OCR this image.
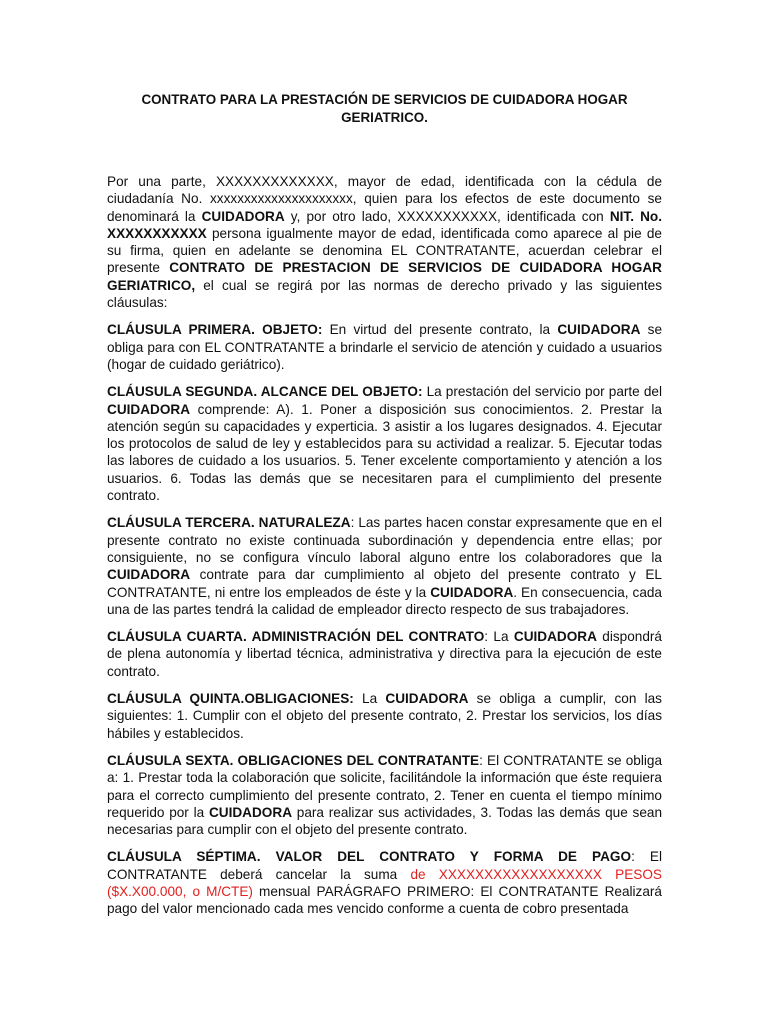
CONTRATO PARA LA PRESTACIÓN DE SERVICIOS DE CUIDADORA HOGAR GERIATRICO.

Por una parte, XXXXXXXXXXXXX, mayor de edad, identificada con la cédula de ciudadanía No. xxxxxxxxxxxxxxxxxxxxx, quien para los efectos de este documento se denominará la CUIDADORA y, por otro lado, XXXXXXXXXXX, identificada con NIT. No. XXXXXXXXXXX persona igualmente mayor de edad, identificada como aparece al pie de su firma, quien en adelante se denomina EL CONTRATANTE, acuerdan celebrar el presente CONTRATO DE PRESTACION DE SERVICIOS DE CUIDADORA HOGAR GERIATRICO, el cual se regirá por las normas de derecho privado y las siguientes cláusulas:

CLÁUSULA PRIMERA. OBJETO: En virtud del presente contrato, la CUIDADORA se obliga para con EL CONTRATANTE a brindarle el servicio de atención y cuidado a usuarios (hogar de cuidado geriátrico).

CLÁUSULA SEGUNDA. ALCANCE DEL OBJETO: La prestación del servicio por parte del CUIDADORA comprende: A). 1. Poner a disposición sus conocimientos. 2. Prestar la atención según su capacidades y experticia. 3 asistir a los lugares designados. 4. Ejecutar los protocolos de salud de ley y establecidos para su actividad a realizar. 5. Ejecutar todas las labores de cuidado a los usuarios. 5. Tener excelente comportamiento y atención a los usuarios. 6. Todas las demás que se necesitaren para el cumplimiento del presente contrato.

CLÁUSULA TERCERA. NATURALEZA: Las partes hacen constar expresamente que en el presente contrato no existe continuada subordinación y dependencia entre ellas; por consiguiente, no se configura vínculo laboral alguno entre los colaboradores que la CUIDADORA contrate para dar cumplimiento al objeto del presente contrato y EL CONTRATANTE, ni entre los empleados de éste y la CUIDADORA. En consecuencia, cada una de las partes tendrá la calidad de empleador directo respecto de sus trabajadores.

CLÁUSULA CUARTA. ADMINISTRACIÓN DEL CONTRATO: La CUIDADORA dispondrá de plena autonomía y libertad técnica, administrativa y directiva para la ejecución de este contrato.

CLÁUSULA QUINTA.OBLIGACIONES: La CUIDADORA se obliga a cumplir, con las siguientes: 1. Cumplir con el objeto del presente contrato, 2. Prestar los servicios, los días hábiles y establecidos.

CLÁUSULA SEXTA. OBLIGACIONES DEL CONTRATANTE: El CONTRATANTE se obliga a: 1. Prestar toda la colaboración que solicite, facilitándole la información que éste requiera para el correcto cumplimiento del presente contrato, 2. Tener en cuenta el tiempo mínimo requerido por la CUIDADORA para realizar sus actividades, 3. Todas las demás que sean necesarias para cumplir con el objeto del presente contrato.

CLÁUSULA SÉPTIMA. VALOR DEL CONTRATO Y FORMA DE PAGO: El CONTRATANTE deberá cancelar la suma de XXXXXXXXXXXXXXXXXX PESOS ($X.X00.000, o M/CTE) mensual PARÁGRAFO PRIMERO: El CONTRATANTE Realizará pago del valor mencionado cada mes vencido conforme a cuenta de cobro presentada
